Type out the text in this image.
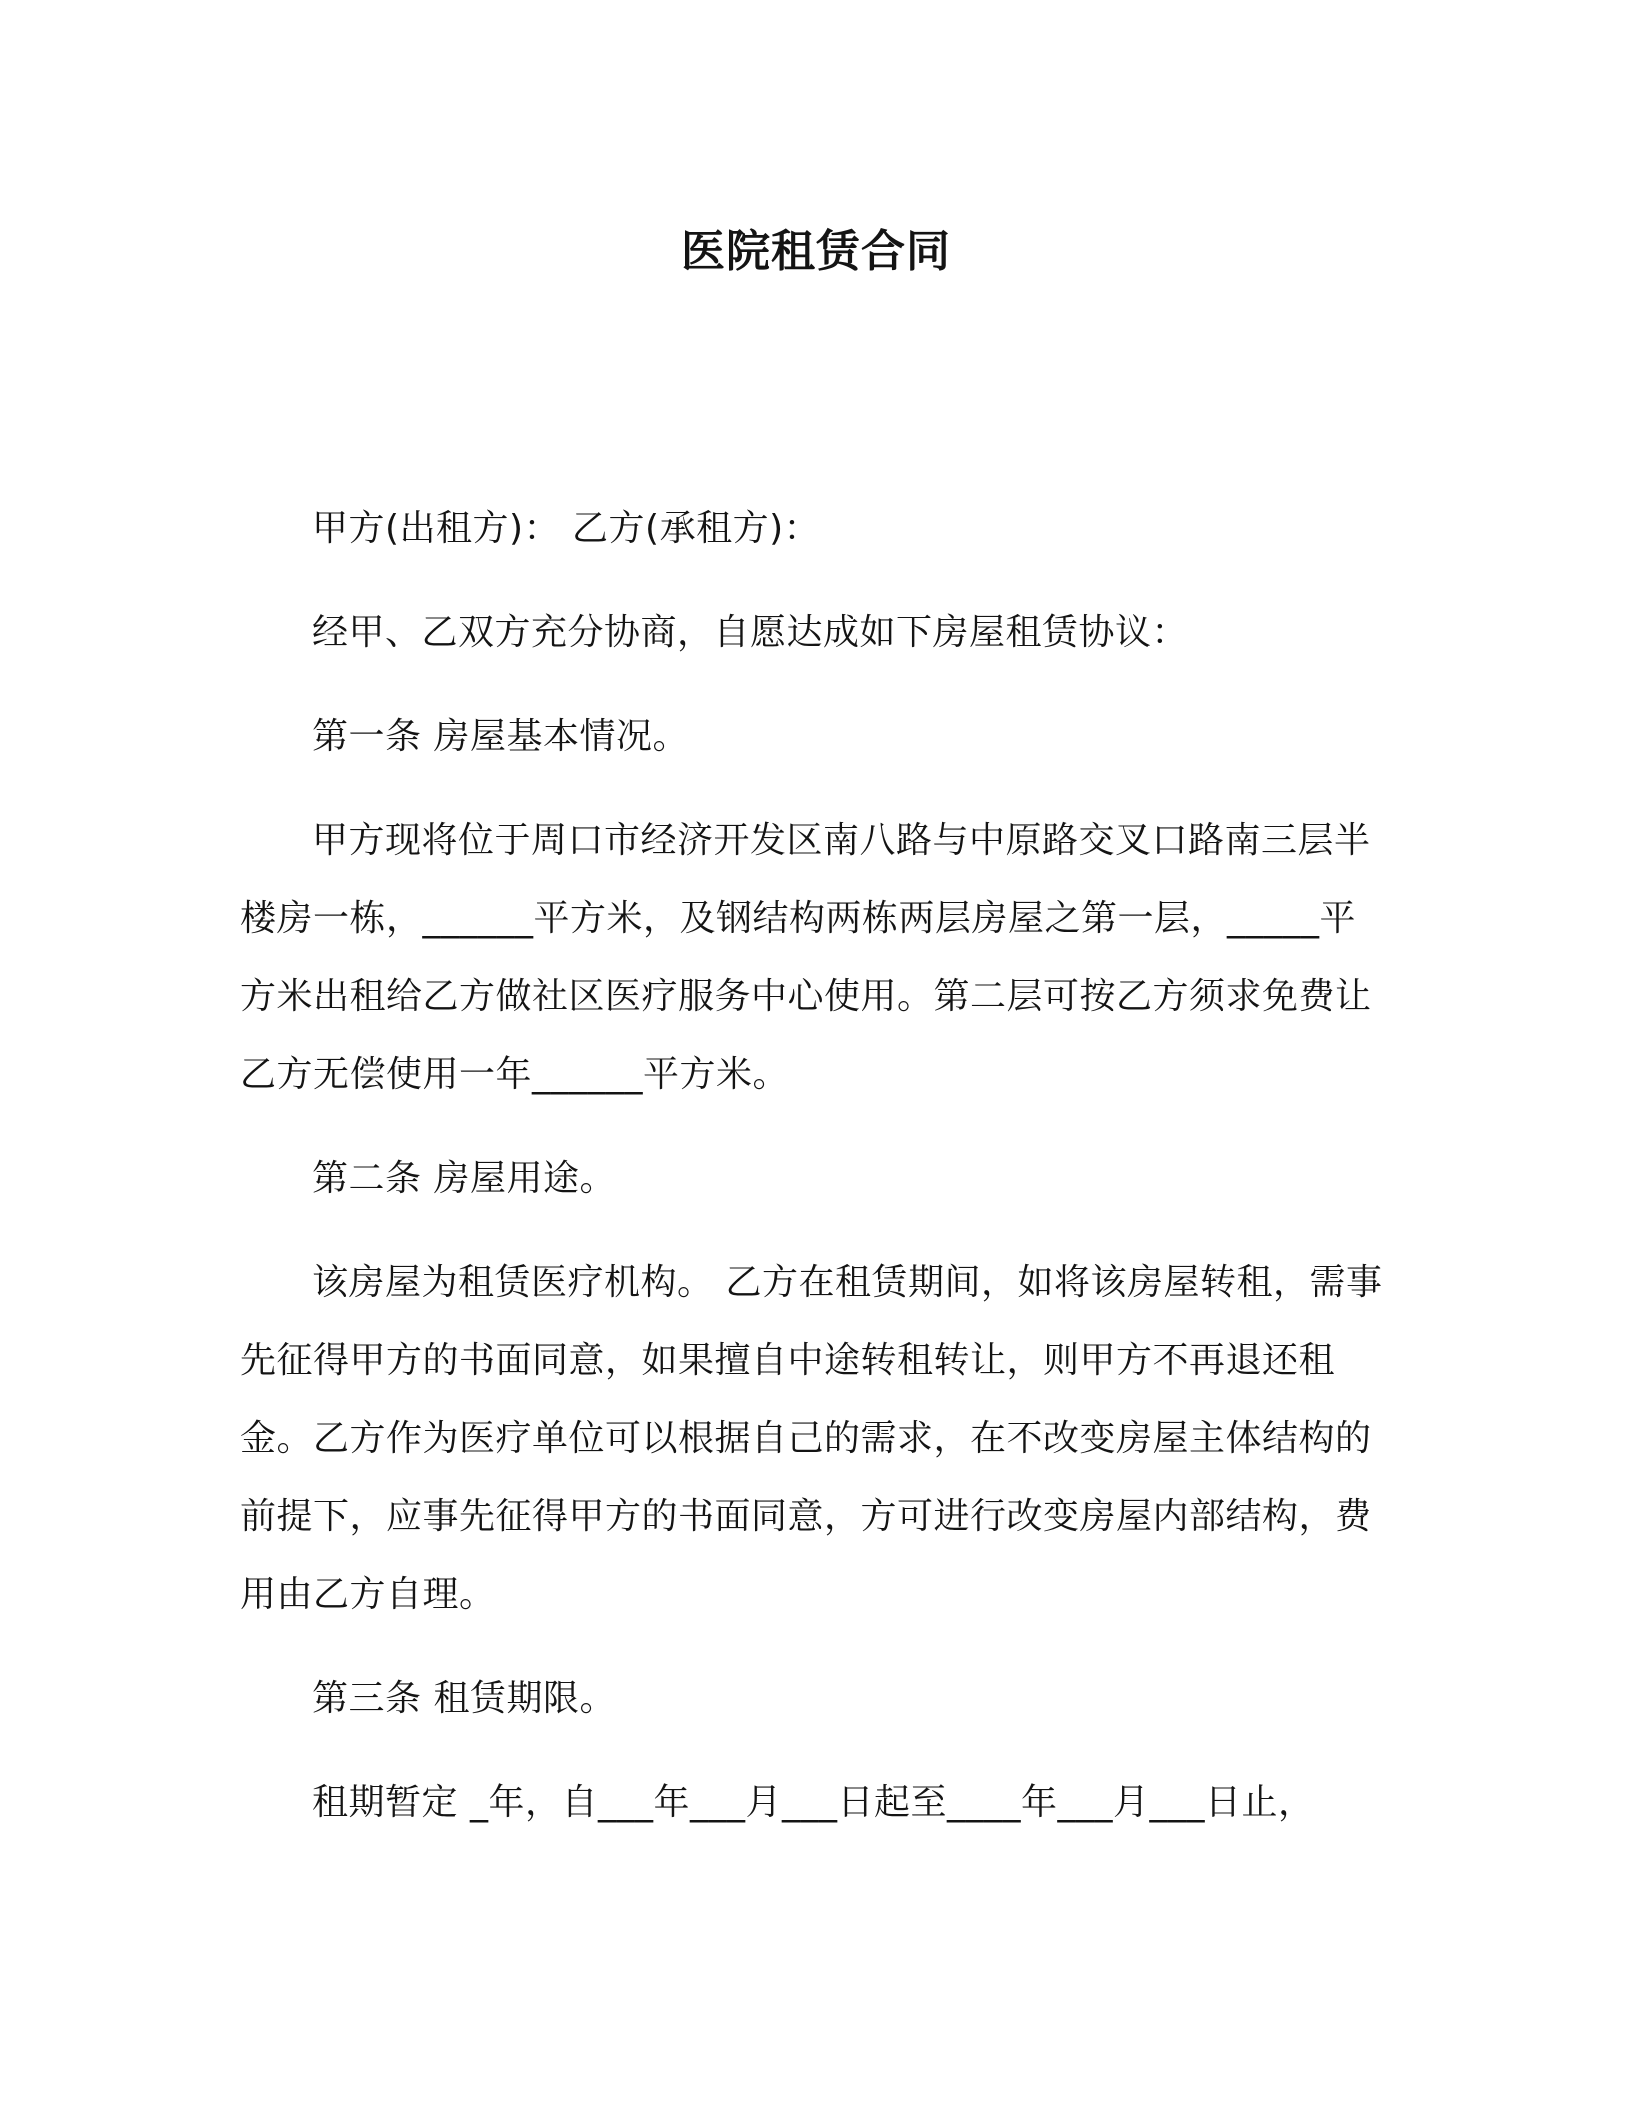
医院租赁合同

甲方(出租方)： 乙方(承租方)：

经甲、乙双方充分协商，自愿达成如下房屋租赁协议：

第一条 房屋基本情况。

甲方现将位于周口市经济开发区南八路与中原路交叉口路南三层半楼房一栋，______平方米，及钢结构两栋两层房屋之第一层，_____平方米出租给乙方做社区医疗服务中心使用。第二层可按乙方须求免费让乙方无偿使用一年______平方米。

第二条 房屋用途。

该房屋为租赁医疗机构。 乙方在租赁期间，如将该房屋转租，需事先征得甲方的书面同意，如果擅自中途转租转让，则甲方不再退还租金。乙方作为医疗单位可以根据自己的需求，在不改变房屋主体结构的前提下，应事先征得甲方的书面同意，方可进行改变房屋内部结构，费用由乙方自理。

第三条 租赁期限。

租期暂定 _年，自___年___月___日起至____年___月___日止，
